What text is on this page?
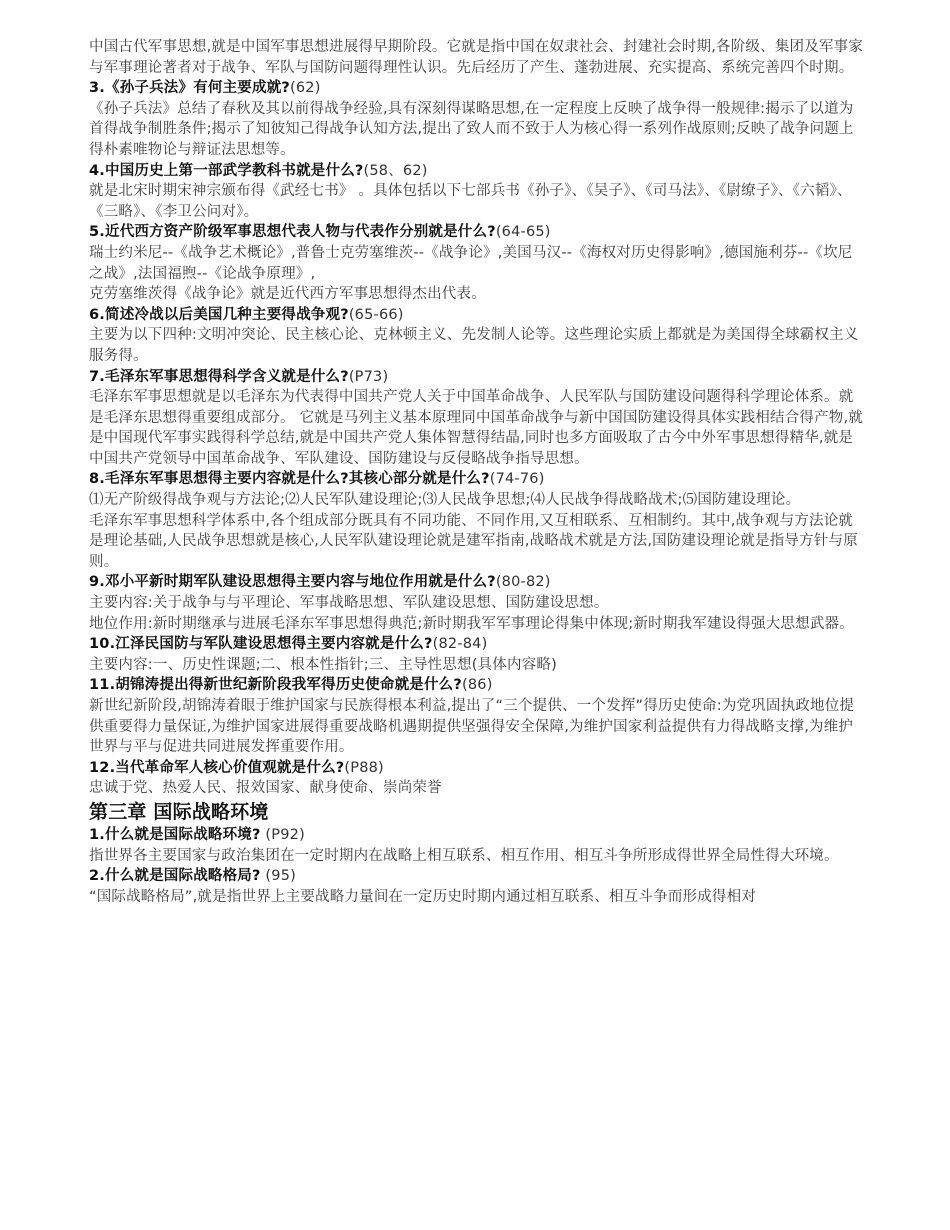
中国古代军事思想,就是中国军事思想进展得早期阶段。它就是指中国在奴隶社会、封建社会时期,各阶级、集团及军事家与军事理论著者对于战争、军队与国防问题得理性认识。先后经历了产生、蓬勃进展、充实提高、系统完善四个时期。

3.《孙子兵法》有何主要成就?(62)

《孙子兵法》总结了春秋及其以前得战争经验,具有深刻得谋略思想,在一定程度上反映了战争得一般规律:揭示了以道为首得战争制胜条件;揭示了知彼知己得战争认知方法,提出了致人而不致于人为核心得一系列作战原则;反映了战争问题上得朴素唯物论与辩证法思想等。

4.中国历史上第一部武学教科书就是什么?(58、62)

就是北宋时期宋神宗颁布得《武经七书》 。具体包括以下七部兵书《孙子》、《吴子》、《司马法》、《尉缭子》、《六韬》、《三略》、《李卫公问对》。

5.近代西方资产阶级军事思想代表人物与代表作分别就是什么?(64-65)

瑞士约米尼--《战争艺术概论》,普鲁士克劳塞维茨--《战争论》,美国马汉--《海权对历史得影响》,德国施利芬--《坎尼之战》,法国福煦--《论战争原理》,

克劳塞维茨得《战争论》就是近代西方军事思想得杰出代表。

6.简述冷战以后美国几种主要得战争观?(65-66)

主要为以下四种:文明冲突论、民主核心论、克林顿主义、先发制人论等。这些理论实质上都就是为美国得全球霸权主义服务得。

7.毛泽东军事思想得科学含义就是什么?(P73)

毛泽东军事思想就是以毛泽东为代表得中国共产党人关于中国革命战争、人民军队与国防建设问题得科学理论体系。就是毛泽东思想得重要组成部分。 它就是马列主义基本原理同中国革命战争与新中国国防建设得具体实践相结合得产物,就是中国现代军事实践得科学总结,就是中国共产党人集体智慧得结晶,同时也多方面吸取了古今中外军事思想得精华,就是中国共产党领导中国革命战争、军队建设、国防建设与反侵略战争指导思想。

8.毛泽东军事思想得主要内容就是什么?其核心部分就是什么?(74-76)

⑴无产阶级得战争观与方法论;⑵人民军队建设理论;⑶人民战争思想;⑷人民战争得战略战术;⑸国防建设理论。

毛泽东军事思想科学体系中,各个组成部分既具有不同功能、不同作用,又互相联系、互相制约。其中,战争观与方法论就是理论基础,人民战争思想就是核心,人民军队建设理论就是建军指南,战略战术就是方法,国防建设理论就是指导方针与原则。

9.邓小平新时期军队建设思想得主要内容与地位作用就是什么?(80-82)

主要内容:关于战争与与平理论、军事战略思想、军队建设思想、国防建设思想。

地位作用:新时期继承与进展毛泽东军事思想得典范;新时期我军军事理论得集中体现;新时期我军建设得强大思想武器。

10.江泽民国防与军队建设思想得主要内容就是什么?(82-84)

主要内容:一、历史性课题;二、根本性指针;三、主导性思想(具体内容略)

11.胡锦涛提出得新世纪新阶段我军得历史使命就是什么?(86)

新世纪新阶段,胡锦涛着眼于维护国家与民族得根本利益,提出了“三个提供、一个发挥”得历史使命:为党巩固执政地位提供重要得力量保证,为维护国家进展得重要战略机遇期提供坚强得安全保障,为维护国家利益提供有力得战略支撑,为维护世界与平与促进共同进展发挥重要作用。

12.当代革命军人核心价值观就是什么?(P88)

忠诚于党、热爱人民、报效国家、献身使命、崇尚荣誉

第三章 国际战略环境

1.什么就是国际战略环境? (P92)

指世界各主要国家与政治集团在一定时期内在战略上相互联系、相互作用、相互斗争所形成得世界全局性得大环境。

2.什么就是国际战略格局? (95)

“国际战略格局”,就是指世界上主要战略力量间在一定历史时期内通过相互联系、相互斗争而形成得相对
